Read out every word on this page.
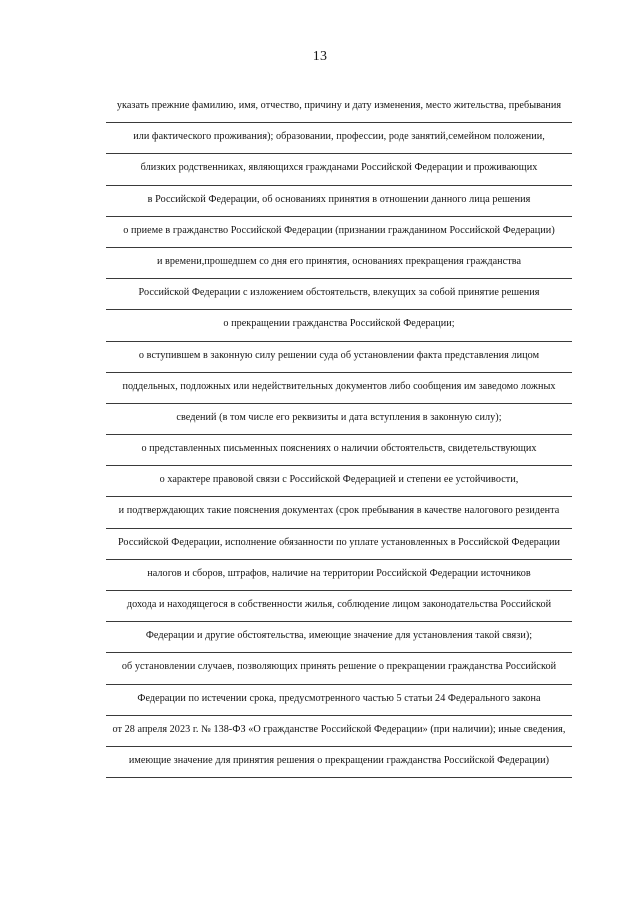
13
указать прежние фамилию, имя, отчество, причину и дату изменения, место жительства, пребывания
или фактического проживания); образовании, профессии, роде занятий,семейном положении,
близких родственниках, являющихся гражданами Российской Федерации и проживающих
в Российской Федерации, об основаниях принятия в отношении данного лица решения
о приеме в гражданство Российской Федерации (признании гражданином Российской Федерации)
и времени,прошедшем со дня его принятия, основаниях прекращения гражданства
Российской Федерации с изложением обстоятельств, влекущих за собой принятие решения
о прекращении гражданства Российской Федерации;
о вступившем в законную силу решении суда об установлении факта представления лицом
поддельных, подложных или недействительных документов либо сообщения им заведомо ложных
сведений (в том числе его реквизиты и дата вступления в законную силу);
о представленных письменных пояснениях о наличии обстоятельств, свидетельствующих
о характере правовой связи с Российской Федерацией и степени ее устойчивости,
и подтверждающих такие пояснения документах (срок пребывания в качестве налогового резидента
Российской Федерации, исполнение обязанности по уплате установленных в Российской Федерации
налогов и сборов, штрафов, наличие на территории Российской Федерации источников
дохода и находящегося в собственности жилья, соблюдение лицом законодательства Российской
Федерации и другие обстоятельства, имеющие значение для установления такой связи);
об установлении случаев, позволяющих принять решение о прекращении гражданства Российской
Федерации по истечении срока, предусмотренного частью 5 статьи 24 Федерального закона
от 28 апреля 2023 г. № 138-ФЗ «О гражданстве Российской Федерации» (при наличии); иные сведения,
имеющие значение для принятия решения о прекращении гражданства Российской Федерации)
